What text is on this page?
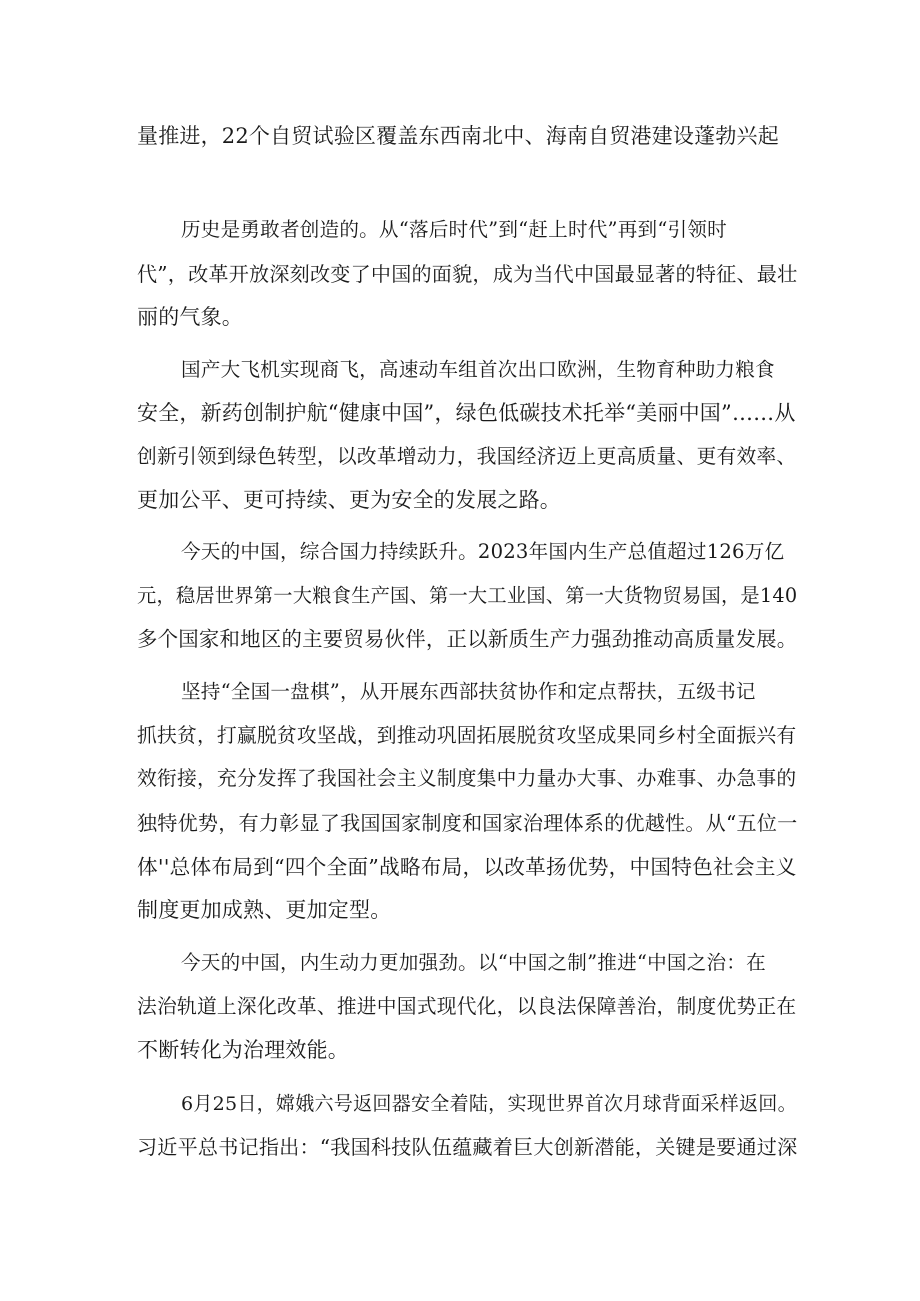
量推进，22个自贸试验区覆盖东西南北中、海南自贸港建设蓬勃兴起
历史是勇敢者创造的。从“落后时代”到“赶上时代”再到“引领时
代”，改革开放深刻改变了中国的面貌，成为当代中国最显著的特征、最壮
丽的气象。
国产大飞机实现商飞，高速动车组首次出口欧洲，生物育种助力粮食
安全，新药创制护航“健康中国”，绿色低碳技术托举“美丽中国”……从
创新引领到绿色转型，以改革增动力，我国经济迈上更高质量、更有效率、
更加公平、更可持续、更为安全的发展之路。
今天的中国，综合国力持续跃升。2023年国内生产总值超过126万亿
元，稳居世界第一大粮食生产国、第一大工业国、第一大货物贸易国，是140
多个国家和地区的主要贸易伙伴，正以新质生产力强劲推动高质量发展。
坚持“全国一盘棋”，从开展东西部扶贫协作和定点帮扶，五级书记
抓扶贫，打赢脱贫攻坚战，到推动巩固拓展脱贫攻坚成果同乡村全面振兴有
效衔接，充分发挥了我国社会主义制度集中力量办大事、办难事、办急事的
独特优势，有力彰显了我国国家制度和国家治理体系的优越性。从“五位一
体''总体布局到“四个全面”战略布局，以改革扬优势，中国特色社会主义
制度更加成熟、更加定型。
今天的中国，内生动力更加强劲。以“中国之制”推进“中国之治：在
法治轨道上深化改革、推进中国式现代化，以良法保障善治，制度优势正在
不断转化为治理效能。
6月25日，嫦娥六号返回器安全着陆，实现世界首次月球背面采样返回。
习近平总书记指出：“我国科技队伍蕴藏着巨大创新潜能，关键是要通过深
